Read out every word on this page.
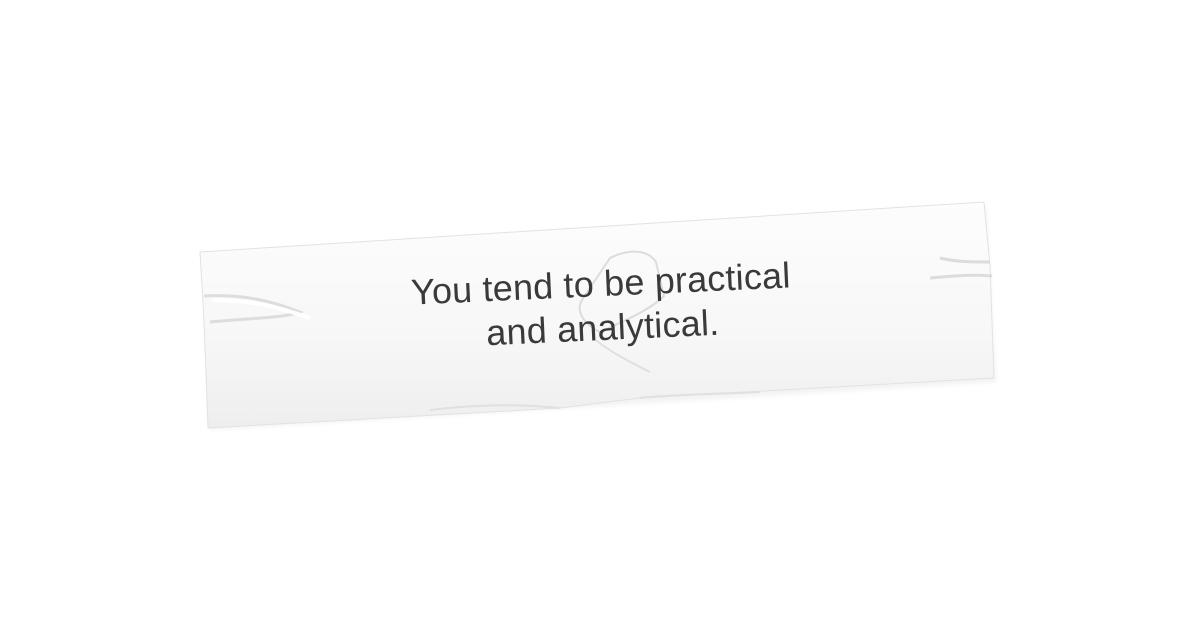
You tend to be practical
and analytical.
